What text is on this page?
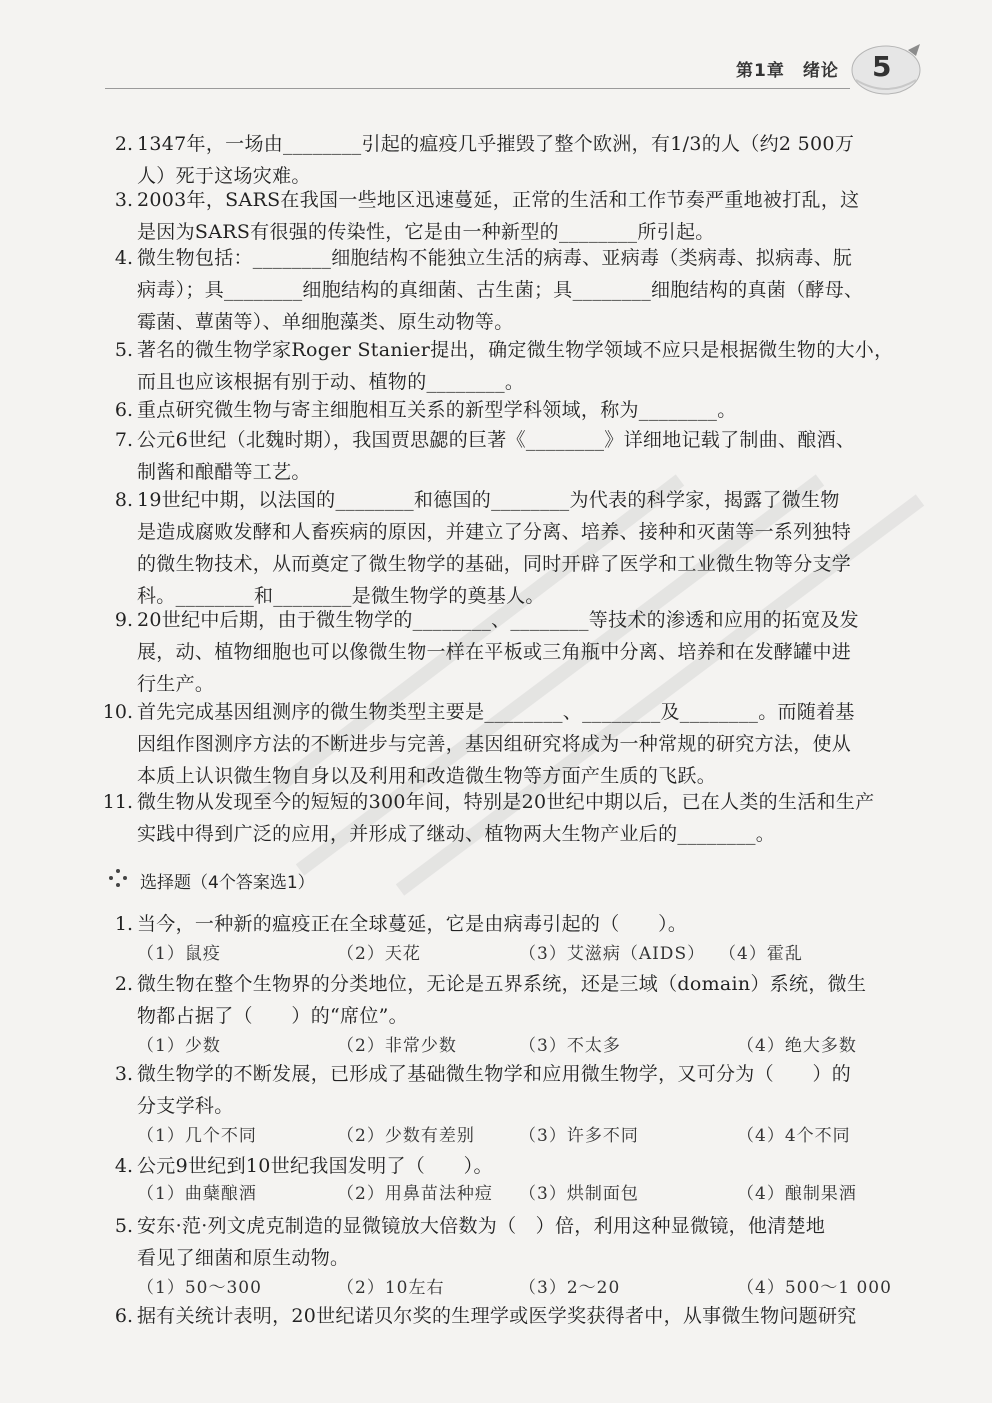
第1章　绪论 5
2. 1347年，一场由________引起的瘟疫几乎摧毁了整个欧洲，有1/3的人（约2 500万
人）死于这场灾难。
3. 2003年，SARS在我国一些地区迅速蔓延，正常的生活和工作节奏严重地被打乱，这
是因为SARS有很强的传染性，它是由一种新型的________所引起。
4. 微生物包括：________细胞结构不能独立生活的病毒、亚病毒（类病毒、拟病毒、朊
病毒）；具________细胞结构的真细菌、古生菌；具________细胞结构的真菌（酵母、
霉菌、蕈菌等）、单细胞藻类、原生动物等。
5. 著名的微生物学家Roger Stanier提出，确定微生物学领域不应只是根据微生物的大小，
而且也应该根据有别于动、植物的________。
6. 重点研究微生物与寄主细胞相互关系的新型学科领域，称为________。
7. 公元6世纪（北魏时期），我国贾思勰的巨著《________》详细地记载了制曲、酿酒、
制酱和酿醋等工艺。
8. 19世纪中期，以法国的________和德国的________为代表的科学家，揭露了微生物
是造成腐败发酵和人畜疾病的原因，并建立了分离、培养、接种和灭菌等一系列独特
的微生物技术，从而奠定了微生物学的基础，同时开辟了医学和工业微生物等分支学
科。________和________是微生物学的奠基人。
9. 20世纪中后期，由于微生物学的________、________等技术的渗透和应用的拓宽及发
展，动、植物细胞也可以像微生物一样在平板或三角瓶中分离、培养和在发酵罐中进
行生产。
10. 首先完成基因组测序的微生物类型主要是________、________及________。而随着基
因组作图测序方法的不断进步与完善，基因组研究将成为一种常规的研究方法，使从
本质上认识微生物自身以及利用和改造微生物等方面产生质的飞跃。
11. 微生物从发现至今的短短的300年间，特别是20世纪中期以后，已在人类的生活和生产
实践中得到广泛的应用，并形成了继动、植物两大生物产业后的________。
选择题（4个答案选1）
1. 当今，一种新的瘟疫正在全球蔓延，它是由病毒引起的（　　）。
（1）鼠疫	（2）天花	（3）艾滋病（AIDS） （4）霍乱
2. 微生物在整个生物界的分类地位，无论是五界系统，还是三域（domain）系统，微生
物都占据了（　　）的“席位”。
（1）少数	（2）非常少数	（3）不太多	（4）绝大多数
3. 微生物学的不断发展，已形成了基础微生物学和应用微生物学，又可分为（　　）的
分支学科。
（1）几个不同	（2）少数有差别	（3）许多不同	（4）4个不同
4. 公元9世纪到10世纪我国发明了（　　）。
（1）曲蘖酿酒	（2）用鼻苗法种痘 （3）烘制面包	（4）酿制果酒
5. 安东·范·列文虎克制造的显微镜放大倍数为（　）倍，利用这种显微镜，他清楚地
看见了细菌和原生动物。
（1）50～300	（2）10左右	（3）2～20	（4）500～1 000
6. 据有关统计表明，20世纪诺贝尔奖的生理学或医学奖获得者中，从事微生物问题研究
